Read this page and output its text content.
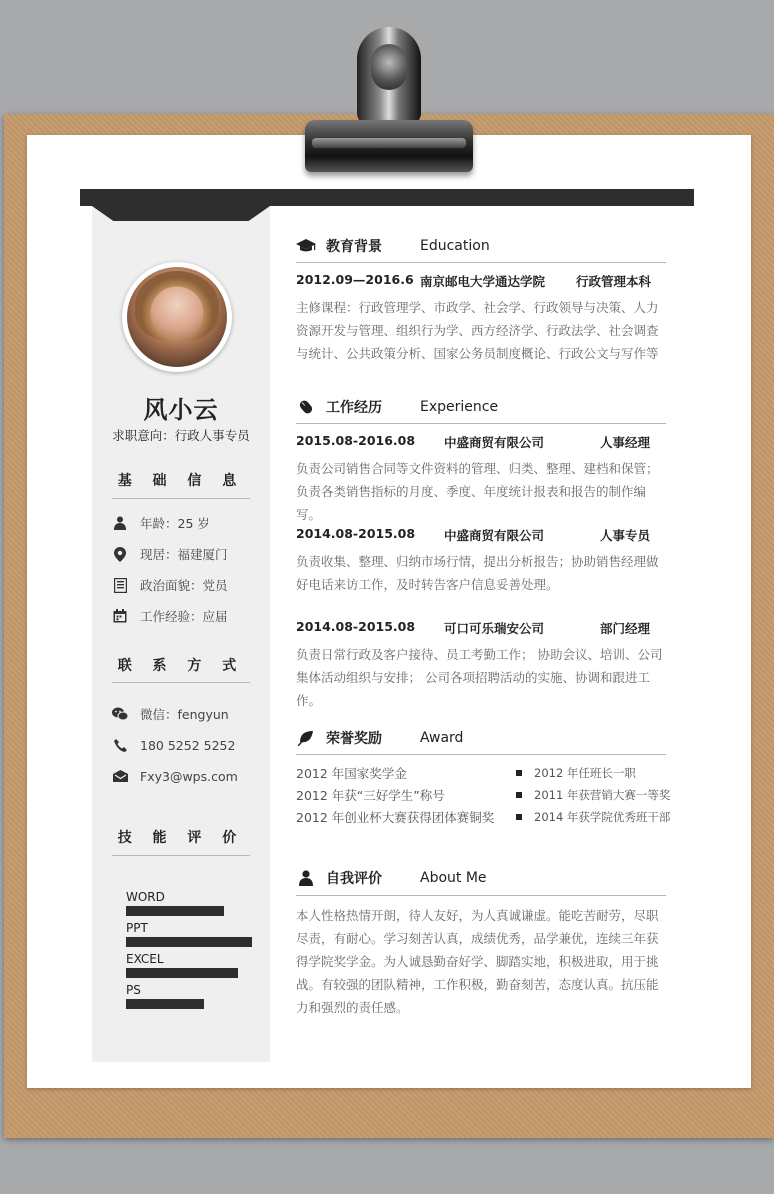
风小云
求职意向：行政人事专员
基 础 信 息
年龄：25 岁
现居：福建厦门
政治面貌：党员
工作经验：应届
联 系 方 式
微信：fengyun
180 5252 5252
Fxy3@wps.com
技 能 评 价
WORD
PPT
EXCEL
PS
教育背景	Education
2012.09—2016.6 南京邮电大学通达学院 行政管理本科
主修课程：行政管理学、市政学、社会学、行政领导与决策、人力资源开发与管理、组织行为学、西方经济学、行政法学、社会调查与统计、公共政策分析、国家公务员制度概论、行政公文与写作等
工作经历	Experience
2015.08-2016.08 中盛商贸有限公司	人事经理
负责公司销售合同等文件资料的管理、归类、整理、建档和保管；负责各类销售指标的月度、季度、年度统计报表和报告的制作编写。
2014.08-2015.08 中盛商贸有限公司	人事专员
负责收集、整理、归纳市场行情，提出分析报告；协助销售经理做好电话来访工作，及时转告客户信息妥善处理。
2014.08-2015.08 可口可乐瑞安公司	部门经理
负责日常行政及客户接待、员工考勤工作； 协助会议、培训、公司集体活动组织与安排； 公司各项招聘活动的实施、协调和跟进工作。
荣誉奖励	Award
2012 年国家奖学金
2012 年获“三好学生”称号
2012 年创业杯大赛获得团体赛铜奖
2012 年任班长一职
2011 年获营销大赛一等奖
2014 年获学院优秀班干部
自我评价	About Me
本人性格热情开朗，待人友好，为人真诚谦虚。能吃苦耐劳，尽职尽责，有耐心。学习刻苦认真，成绩优秀，品学兼优，连续三年获得学院奖学金。为人诚恳勤奋好学、脚踏实地，积极进取，用于挑战。有较强的团队精神，工作积极，勤奋刻苦，态度认真。抗压能力和强烈的责任感。
